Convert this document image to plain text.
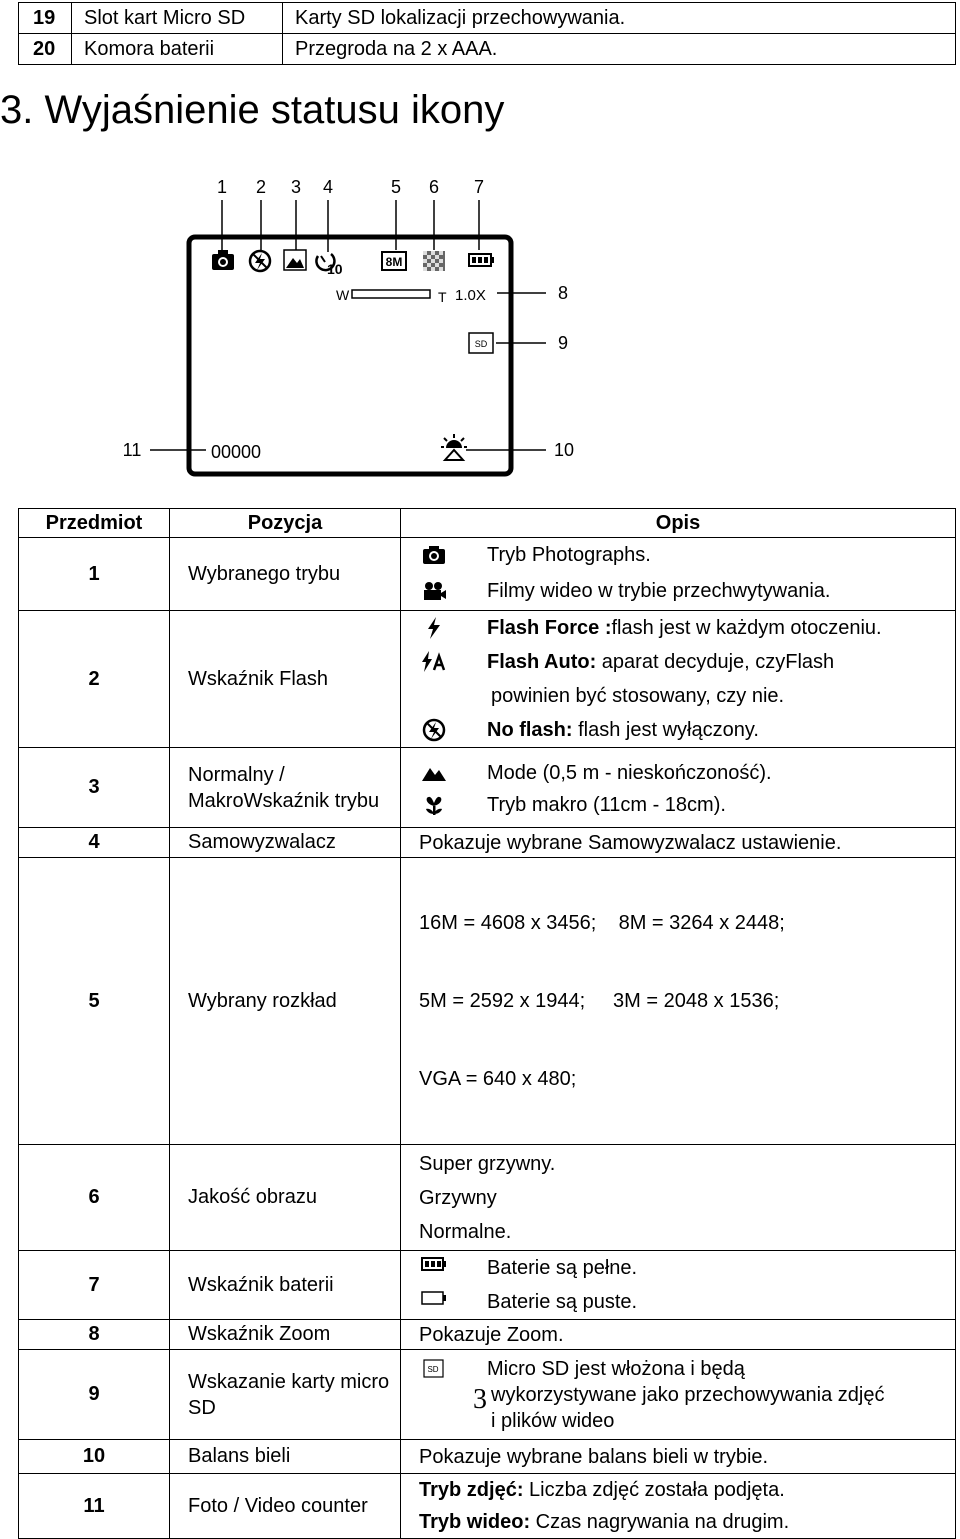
19	Slot kart Micro SD	Karty SD lokalizacji przechowywania.
20	Komora baterii	Przegroda na 2 x AAA.
3. Wyjaśnienie statusu ikony
1 2 3 4	5 6 7
8
9
10
11
10	8M
W	T 1.0X
SD
00000
Przedmiot	Pozycja	Opis
1	Wybranego trybu	Tryb Photographs.
Filmy wideo w trybie przechwytywania.

2	Wskaźnik Flash	Flash Force :flash jest w każdym otoczeniu.
Flash Auto: aparat decyduje, czyFlash
powinien być stosowany, czy nie.
No flash: flash jest wyłączony.

3	Normalny / MakroWskaźnik trybu	Mode (0,5 m - nieskończoność).
Tryb makro (11cm - 18cm).

4	Samowyzwalacz	Pokazuje wybrane Samowyzwalacz ustawienie.
5	Wybrany rozkład	16M = 4608 x 3456;    8M = 3264 x 2448;

5M = 2592 x 1944;     3M = 2048 x 1536;

VGA = 640 x 480;

6	Jakość obrazu	Super grzywny.
Grzywny
Normalne.

7	Wskaźnik baterii	Baterie są pełne.
Baterie są puste.

8	Wskaźnik Zoom	Pokazuje Zoom.
9	Wskazanie karty micro SD	SD Micro SD jest włożona i będą
wykorzystywane jako przechowywania zdjęć
i plików wideo

10	Balans bieli	Pokazuje wybrane balans bieli w trybie.
11	Foto / Video counter	Tryb zdjęć: Liczba zdjęć została podjęta.
Tryb wideo: Czas nagrywania na drugim.
3
